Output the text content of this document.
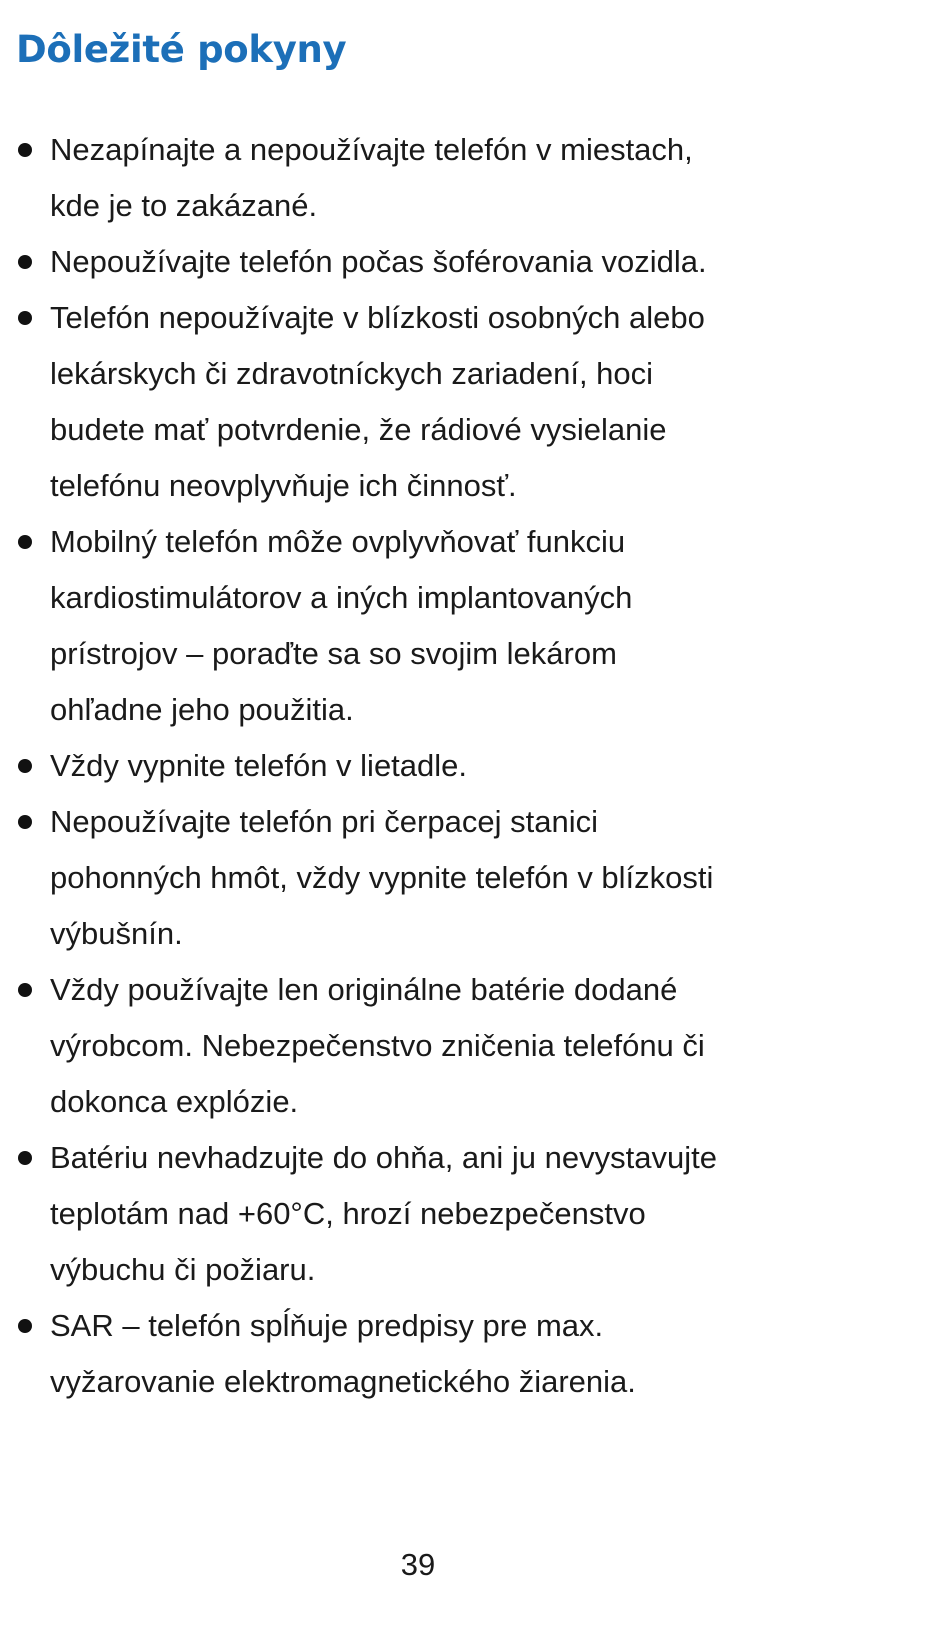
Dôležité pokyny
Nezapínajte a nepoužívajte telefón v miestach,
kde je to zakázané.
Nepoužívajte telefón počas šoférovania vozidla.
Telefón nepoužívajte v blízkosti osobných alebo
lekárskych či zdravotníckych zariadení, hoci
budete mať potvrdenie, že rádiové vysielanie
telefónu neovplyvňuje ich činnosť.
Mobilný telefón môže ovplyvňovať funkciu
kardiostimulátorov a iných implantovaných
prístrojov – poraďte sa so svojim lekárom
ohľadne jeho použitia.
Vždy vypnite telefón v lietadle.
Nepoužívajte telefón pri čerpacej stanici
pohonných hmôt, vždy vypnite telefón v blízkosti
výbušnín.
Vždy používajte len originálne batérie dodané
výrobcom. Nebezpečenstvo zničenia telefónu či
dokonca explózie.
Batériu nevhadzujte do ohňa, ani ju nevystavujte
teplotám nad +60°C, hrozí nebezpečenstvo
výbuchu či požiaru.
SAR – telefón spĺňuje predpisy pre max.
vyžarovanie elektromagnetického žiarenia.
39
